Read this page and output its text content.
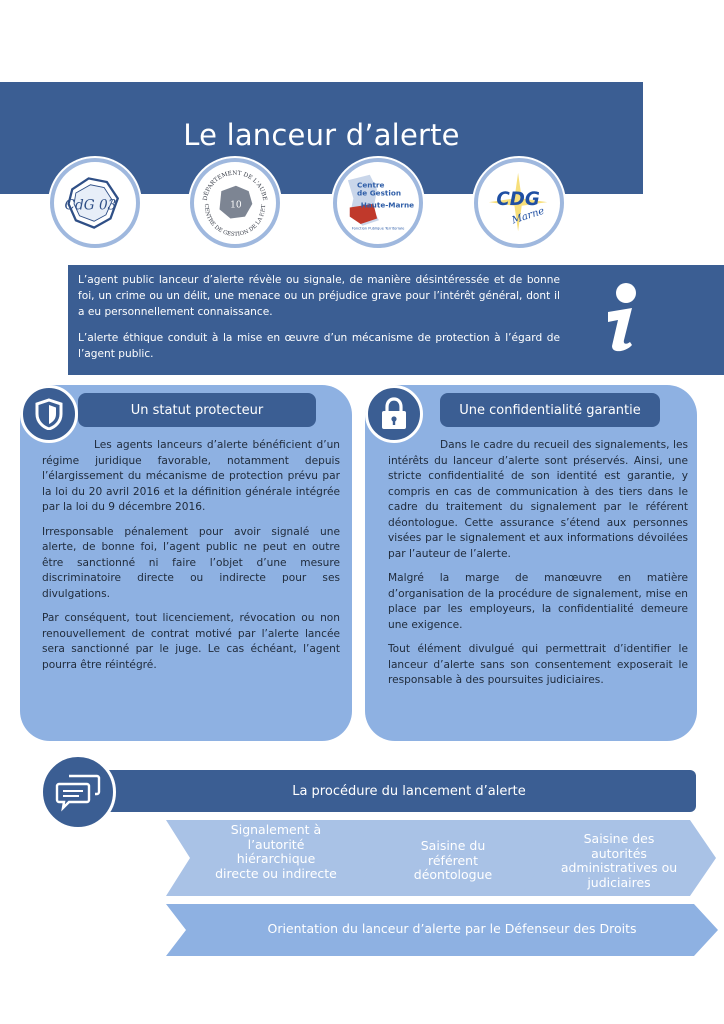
Le lanceur d’alerte
CdG 03	DÉPARTEMENT DE L'AUBE
10
CENTRE DE GESTION DE LA F.P.T
Centre
de Gestion
Haute-Marne
Fonction Publique Territoriale
CDG
Marne

L’agent public lanceur d’alerte révèle ou signale, de manière désintéressée et de bonne foi, un crime ou un délit, une menace ou un préjudice grave pour l’intérêt général, dont il a eu personnellement connaissance.

L’alerte éthique conduit à la mise en œuvre d’un mécanisme de protection à l’égard de l’agent public.

Un statut protecteur

Les agents lanceurs d’alerte bénéficient d’un régime juridique favorable, notamment depuis l’élargissement du mécanisme de protection prévu par la loi du 20 avril 2016 et la définition générale intégrée par la loi du 9 décembre 2016.

Irresponsable pénalement pour avoir signalé une alerte, de bonne foi, l’agent public ne peut en outre être sanctionné ni faire l’objet d’une mesure discriminatoire directe ou indirecte pour ses divulgations.

Par conséquent, tout licenciement, révocation ou non renouvellement de contrat motivé par l’alerte lancée sera sanctionné par le juge. Le cas échéant, l’agent pourra être réintégré.

Une confidentialité garantie

Dans le cadre du recueil des signalements, les intérêts du lanceur d’alerte sont préservés. Ainsi, une stricte confidentialité de son identité est garantie, y compris en cas de communication à des tiers dans le cadre du traitement du signalement par le référent déontologue. Cette assurance s’étend aux personnes visées par le signalement et aux informations dévoilées par l’auteur de l’alerte.

Malgré la marge de manœuvre en matière d’organisation de la procédure de signalement, mise en place par les employeurs, la confidentialité demeure une exigence.

Tout élément divulgué qui permettrait d’identifier le lanceur d’alerte sans son consentement exposerait le responsable à des poursuites judiciaires.

La procédure du lancement d’alerte
Signalement à l’autorité hiérarchique directe ou indirecte
Saisine du référent déontologue
Saisine des autorités administratives ou judiciaires
Orientation du lanceur d’alerte par le Défenseur des Droits
